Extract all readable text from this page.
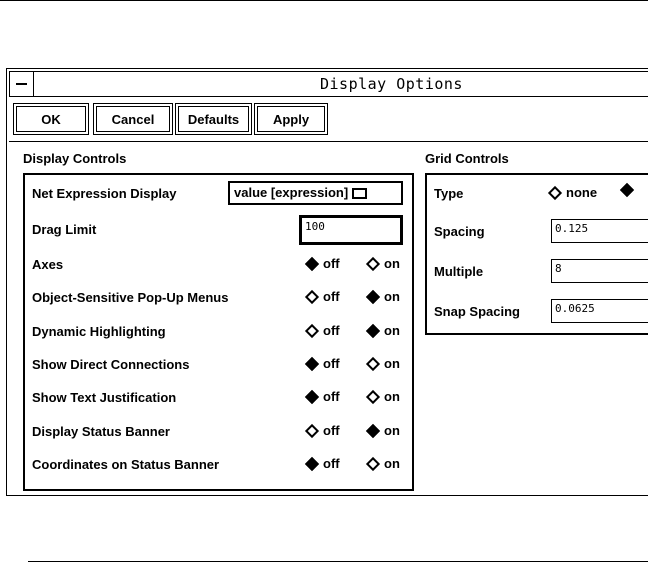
Display Options
OK	Cancel	Defaults	Apply
Display Controls
Net Expression Display	value [expression]
Drag Limit	100
Axes	off	on
Object-Sensitive Pop-Up Menus	off	on
Dynamic Highlighting	off	on
Show Direct Connections	off	on
Show Text Justification	off	on
Display Status Banner	off	on
Coordinates on Status Banner	off	on
Grid Controls
Type	none
Spacing	0.125
Multiple	8
Snap Spacing	0.0625
